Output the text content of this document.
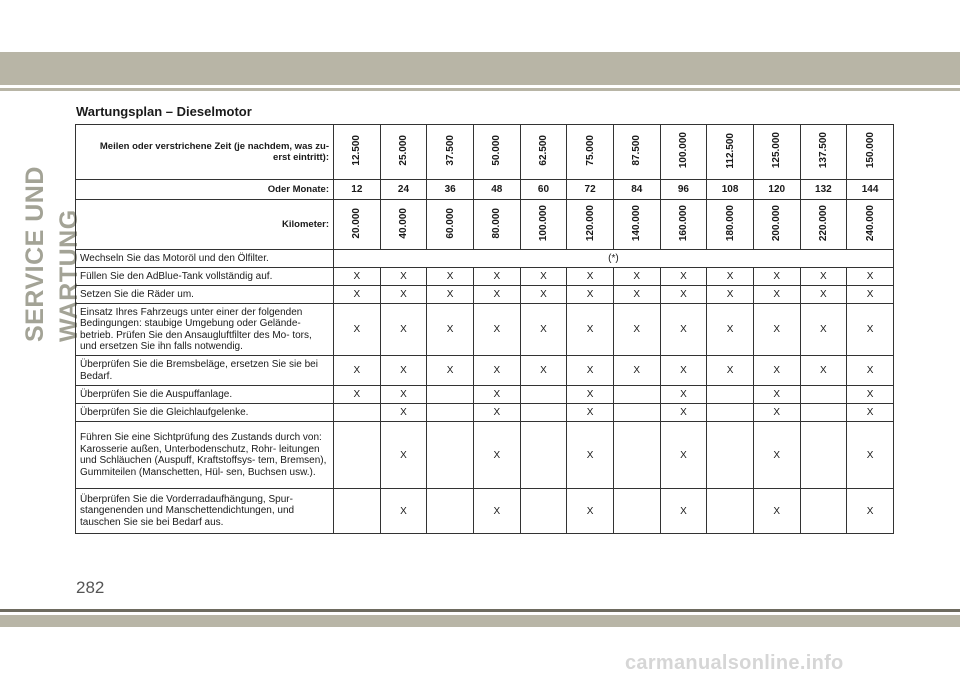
SERVICE UND WARTUNG
Wartungsplan – Dieselmotor
Meilen oder verstrichene Zeit (je nachdem, was zu- erst eintritt):	12.500	25.000	37.500	50.000	62.500	75.000	87.500	100.000	112.500	125.000	137.500	150.000
Oder Monate:	12	24	36	48	60	72	84	96	108	120	132	144
Kilometer:	20.000	40.000	60.000	80.000	100.000	120.000	140.000	160.000	180.000	200.000	220.000	240.000
Wechseln Sie das Motoröl und den Ölfilter.	(*)											
Füllen Sie den AdBlue-Tank vollständig auf.	X	X	X	X	X	X	X	X	X	X	X	X
Setzen Sie die Räder um.	X	X	X	X	X	X	X	X	X	X	X	X
Einsatz Ihres Fahrzeugs unter einer der folgenden Bedingungen: staubige Umgebung oder Gelände- betrieb. Prüfen Sie den Ansaugluftfilter des Mo- tors, und ersetzen Sie ihn falls notwendig.	X	X	X	X	X	X	X	X	X	X	X	X
Überprüfen Sie die Bremsbeläge, ersetzen Sie sie bei Bedarf.	X	X	X	X	X	X	X	X	X	X	X	X
Überprüfen Sie die Auspuffanlage.	X	X		X		X		X		X		X
Überprüfen Sie die Gleichlaufgelenke.		X		X		X		X		X		X
Führen Sie eine Sichtprüfung des Zustands durch von: Karosserie außen, Unterbodenschutz, Rohr- leitungen und Schläuchen (Auspuff, Kraftstoffsys- tem, Bremsen), Gummiteilen (Manschetten, Hül- sen, Buchsen usw.).		X		X		X		X		X		X
Überprüfen Sie die Vorderradaufhängung, Spur- stangenenden und Manschettendichtungen, und tauschen Sie sie bei Bedarf aus.		X		X		X		X		X		X
282
carmanualsonline.info
